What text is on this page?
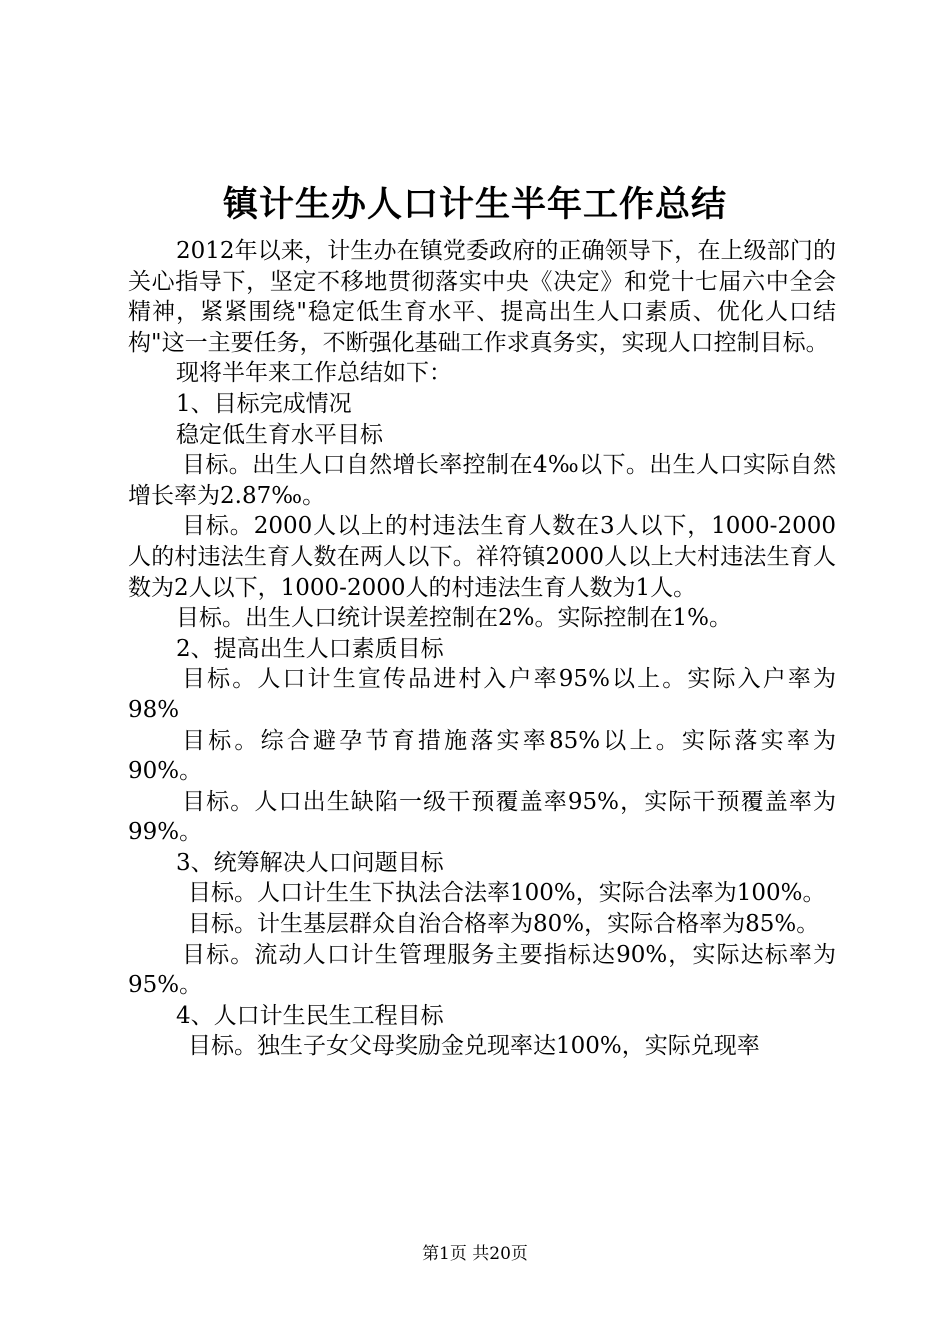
镇计生办人口计生半年工作总结

2012年以来，计生办在镇党委政府的正确领导下，在上级部门的关心指导下，坚定不移地贯彻落实中央《决定》和党十七届六中全会精神，紧紧围绕"稳定低生育水平、提高出生人口素质、优化人口结构"这一主要任务，不断强化基础工作求真务实，实现人口控制目标。

现将半年来工作总结如下：

1、目标完成情况

稳定低生育水平目标

目标。出生人口自然增长率控制在4‰以下。出生人口实际自然增长率为2.87‰。

目标。2000人以上的村违法生育人数在3人以下，1000-2000人的村违法生育人数在两人以下。祥符镇2000人以上大村违法生育人数为2人以下，1000-2000人的村违法生育人数为1人。

目标。出生人口统计误差控制在2%。实际控制在1%。

2、提高出生人口素质目标

目标。人口计生宣传品进村入户率95%以上。实际入户率为98%

目标。综合避孕节育措施落实率85%以上。实际落实率为90%。

目标。人口出生缺陷一级干预覆盖率95%，实际干预覆盖率为99%。

3、统筹解决人口问题目标

目标。人口计生生下执法合法率100%，实际合法率为100%。

目标。计生基层群众自治合格率为80%，实际合格率为85%。

目标。流动人口计生管理服务主要指标达90%，实际达标率为95%。

4、人口计生民生工程目标

目标。独生子女父母奖励金兑现率达100%，实际兑现率

第1页 共20页
